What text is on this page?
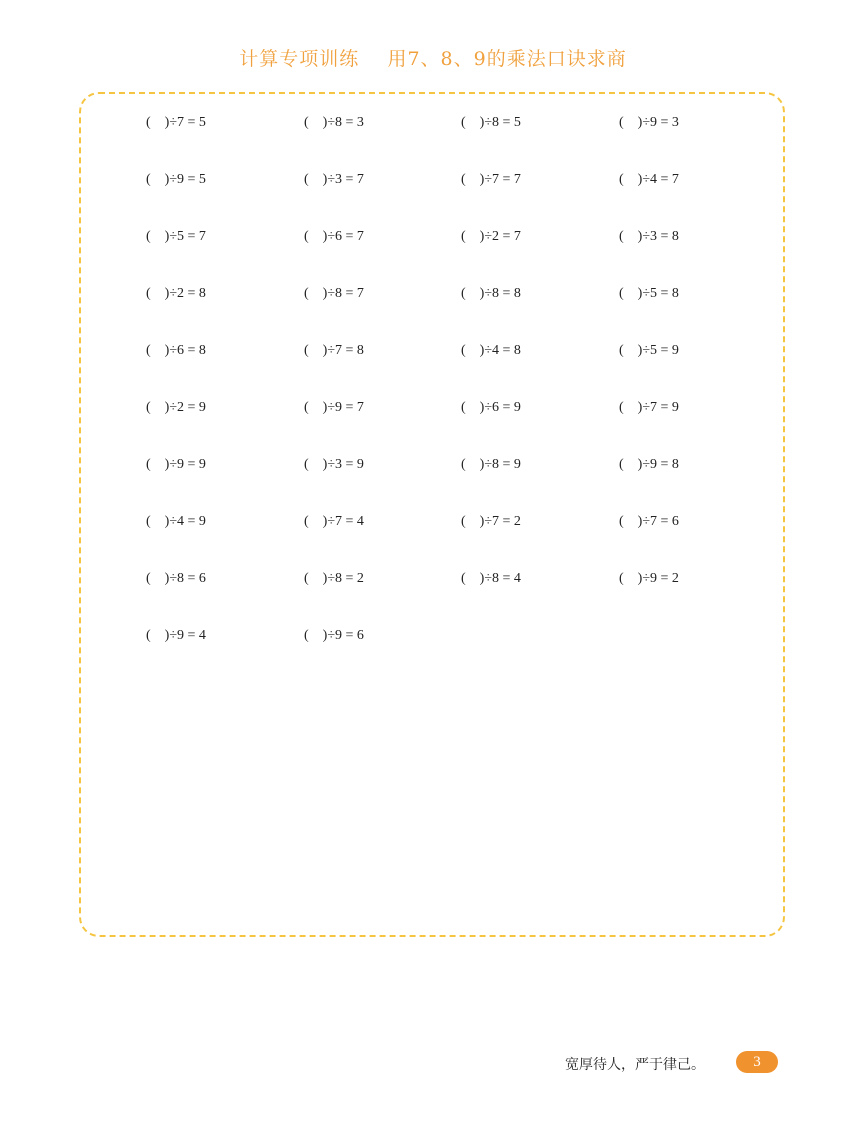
计算专项训练    用7、8、9的乘法口诀求商
(    )÷7 = 5	(    )÷8 = 3	(    )÷8 = 5	(    )÷9 = 3
(    )÷9 = 5	(    )÷3 = 7	(    )÷7 = 7	(    )÷4 = 7
(    )÷5 = 7	(    )÷6 = 7	(    )÷2 = 7	(    )÷3 = 8
(    )÷2 = 8	(    )÷8 = 7	(    )÷8 = 8	(    )÷5 = 8
(    )÷6 = 8	(    )÷7 = 8	(    )÷4 = 8	(    )÷5 = 9
(    )÷2 = 9	(    )÷9 = 7	(    )÷6 = 9	(    )÷7 = 9
(    )÷9 = 9	(    )÷3 = 9	(    )÷8 = 9	(    )÷9 = 8
(    )÷4 = 9	(    )÷7 = 4	(    )÷7 = 2	(    )÷7 = 6
(    )÷8 = 6	(    )÷8 = 2	(    )÷8 = 4	(    )÷9 = 2
(    )÷9 = 4	(    )÷9 = 6
宽厚待人，严于律己。	3
